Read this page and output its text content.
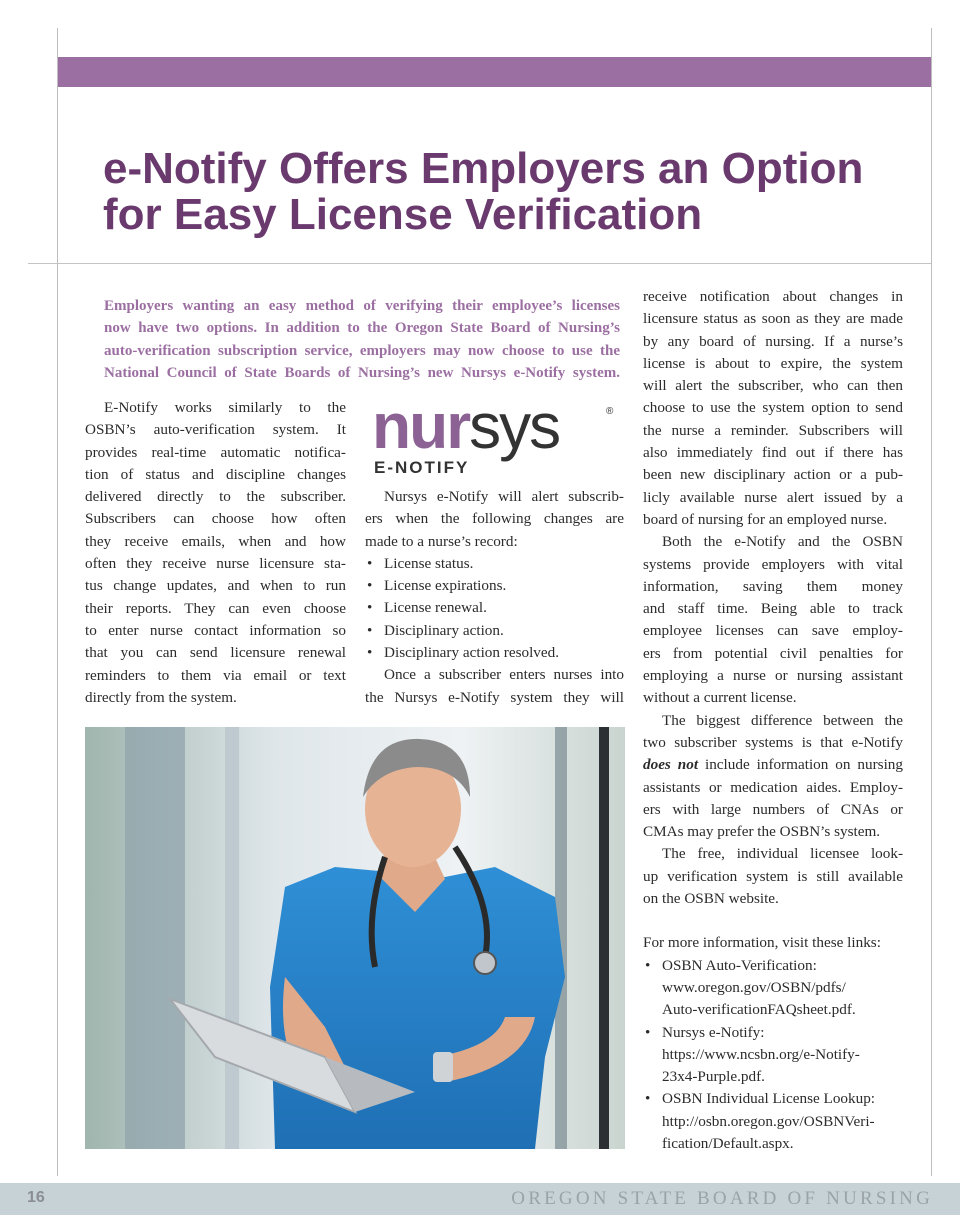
e-Notify Offers Employers an Option
for Easy License Verification
Employers wanting an easy method of verifying their employee’s licenses
now have two options. In addition to the Oregon State Board of Nursing’s
auto-verification subscription service, employers may now choose to use the
National Council of State Boards of Nursing’s new Nursys e-Notify system.
E-Notify works similarly to the
OSBN’s auto-verification system. It
provides real-time automatic notifica-
tion of status and discipline changes
delivered directly to the subscriber.
Subscribers can choose how often
they receive emails, when and how
often they receive nurse licensure sta-
tus change updates, and when to run
their reports. They can even choose
to enter nurse contact information so
that you can send licensure renewal
reminders to them via email or text
directly from the system.
nursys	®
E-NOTIFY
Nursys e-Notify will alert subscrib-
ers when the following changes are
made to a nurse’s record:
• License status.
• License expirations.
• License renewal.
• Disciplinary action.
• Disciplinary action resolved.
Once a subscriber enters nurses into
the Nursys e-Notify system they will
receive notification about changes in
licensure status as soon as they are made
by any board of nursing. If a nurse’s
license is about to expire, the system
will alert the subscriber, who can then
choose to use the system option to send
the nurse a reminder. Subscribers will
also immediately find out if there has
been new disciplinary action or a pub-
licly available nurse alert issued by a
board of nursing for an employed nurse.
Both the e-Notify and the OSBN
systems provide employers with vital
information, saving them money
and staff time. Being able to track
employee licenses can save employ-
ers from potential civil penalties for
employing a nurse or nursing assistant
without a current license.
The biggest difference between the
two subscriber systems is that e-Notify
does not include information on nursing
assistants or medication aides. Employ-
ers with large numbers of CNAs or
CMAs may prefer the OSBN’s system.
The free, individual licensee look-
up verification system is still available
on the OSBN website.
For more information, visit these links:
• OSBN Auto-Verification:
www.oregon.gov/OSBN/pdfs/
Auto-verificationFAQsheet.pdf.
• Nursys e-Notify:
https://www.ncsbn.org/e-Notify-
23x4-Purple.pdf.
• OSBN Individual License Lookup:
http://osbn.oregon.gov/OSBNVeri-
fication/Default.aspx.
16	OREGON STATE BOARD OF NURSING
